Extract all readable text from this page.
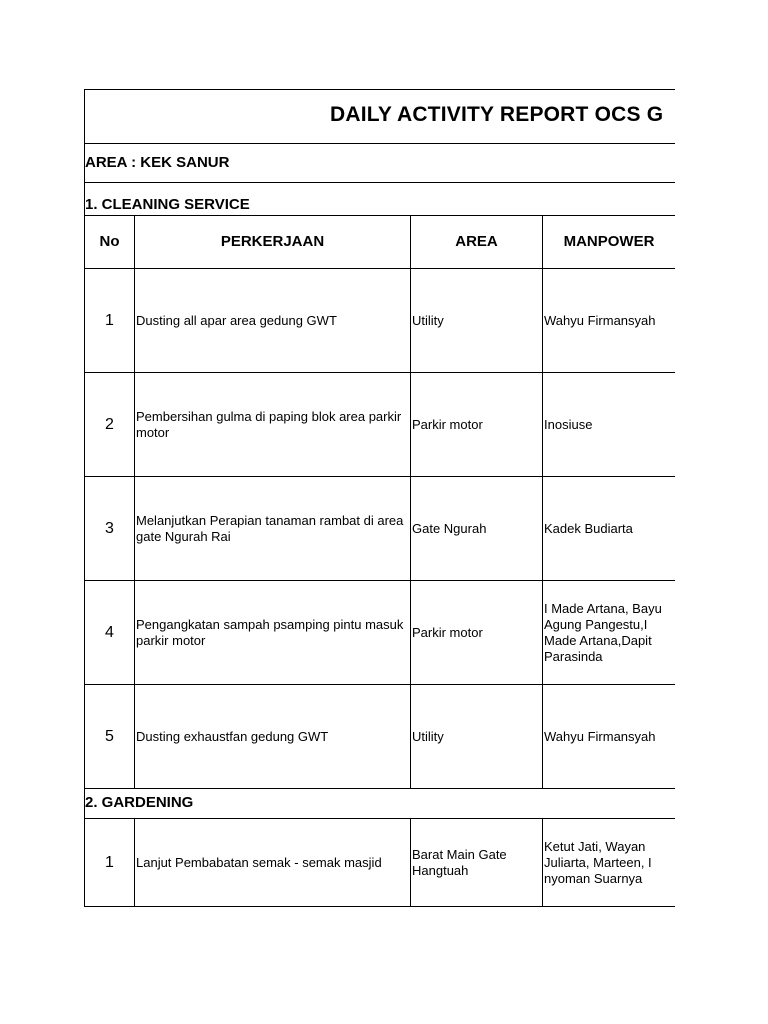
DAILY ACTIVITY REPORT OCS G
AREA : KEK SANUR
1. CLEANING SERVICE
No	PERKERJAAN	AREA	MANPOWER
1	Dusting all apar area gedung GWT	Utility	Wahyu Firmansyah
2	Pembersihan gulma di paping blok area parkir motor	Parkir motor	Inosiuse
3	Melanjutkan Perapian tanaman rambat di area gate Ngurah Rai	Gate Ngurah	Kadek Budiarta
4	Pengangkatan sampah psamping pintu masuk parkir motor	Parkir motor	I Made Artana, Bayu Agung Pangestu,I Made Artana,Dapit Parasinda
5	Dusting exhaustfan gedung GWT	Utility	Wahyu Firmansyah
2. GARDENING
1	Lanjut Pembabatan semak - semak masjid	Barat Main Gate Hangtuah	Ketut Jati, Wayan Juliarta, Marteen, I nyoman Suarnya
